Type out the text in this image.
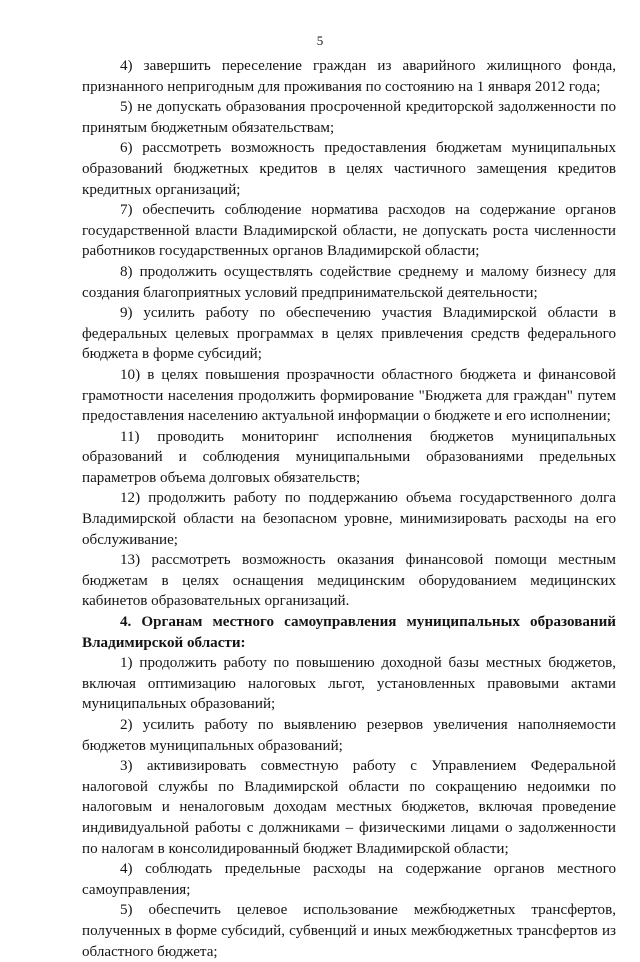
5

4) завершить переселение граждан из аварийного жилищного фонда, признанного непригодным для проживания по состоянию на 1 января 2012 года;

5) не допускать образования просроченной кредиторской задолженности по принятым бюджетным обязательствам;

6) рассмотреть возможность предоставления бюджетам муниципальных образований бюджетных кредитов в целях частичного замещения кредитов кредитных организаций;

7) обеспечить соблюдение норматива расходов на содержание органов государственной власти Владимирской области, не допускать роста численности работников государственных органов Владимирской области;

8) продолжить осуществлять содействие среднему и малому бизнесу для создания благоприятных условий предпринимательской деятельности;

9) усилить работу по обеспечению участия Владимирской области в федеральных целевых программах в целях привлечения средств федерального бюджета в форме субсидий;

10) в целях повышения прозрачности областного бюджета и финансовой грамотности населения продолжить формирование "Бюджета для граждан" путем предоставления населению актуальной информации о бюджете и его исполнении;

11) проводить мониторинг исполнения бюджетов муниципальных образований и соблюдения муниципальными образованиями предельных параметров объема долговых обязательств;

12) продолжить работу по поддержанию объема государственного долга Владимирской области на безопасном уровне, минимизировать расходы на его обслуживание;

13) рассмотреть возможность оказания финансовой помощи местным бюджетам в целях оснащения медицинским оборудованием медицинских кабинетов образовательных организаций.

4. Органам местного самоуправления муниципальных образований Владимирской области:

1) продолжить работу по повышению доходной базы местных бюджетов, включая оптимизацию налоговых льгот, установленных правовыми актами муниципальных образований;

2) усилить работу по выявлению резервов увеличения наполняемости бюджетов муниципальных образований;

3) активизировать совместную работу с Управлением Федеральной налоговой службы по Владимирской области по сокращению недоимки по налоговым и неналоговым доходам местных бюджетов, включая проведение индивидуальной работы с должниками – физическими лицами о задолженности по налогам в консолидированный бюджет Владимирской области;

4) соблюдать предельные расходы на содержание органов местного самоуправления;

5) обеспечить целевое использование межбюджетных трансфертов, полученных в форме субсидий, субвенций и иных межбюджетных трансфертов из областного бюджета;
